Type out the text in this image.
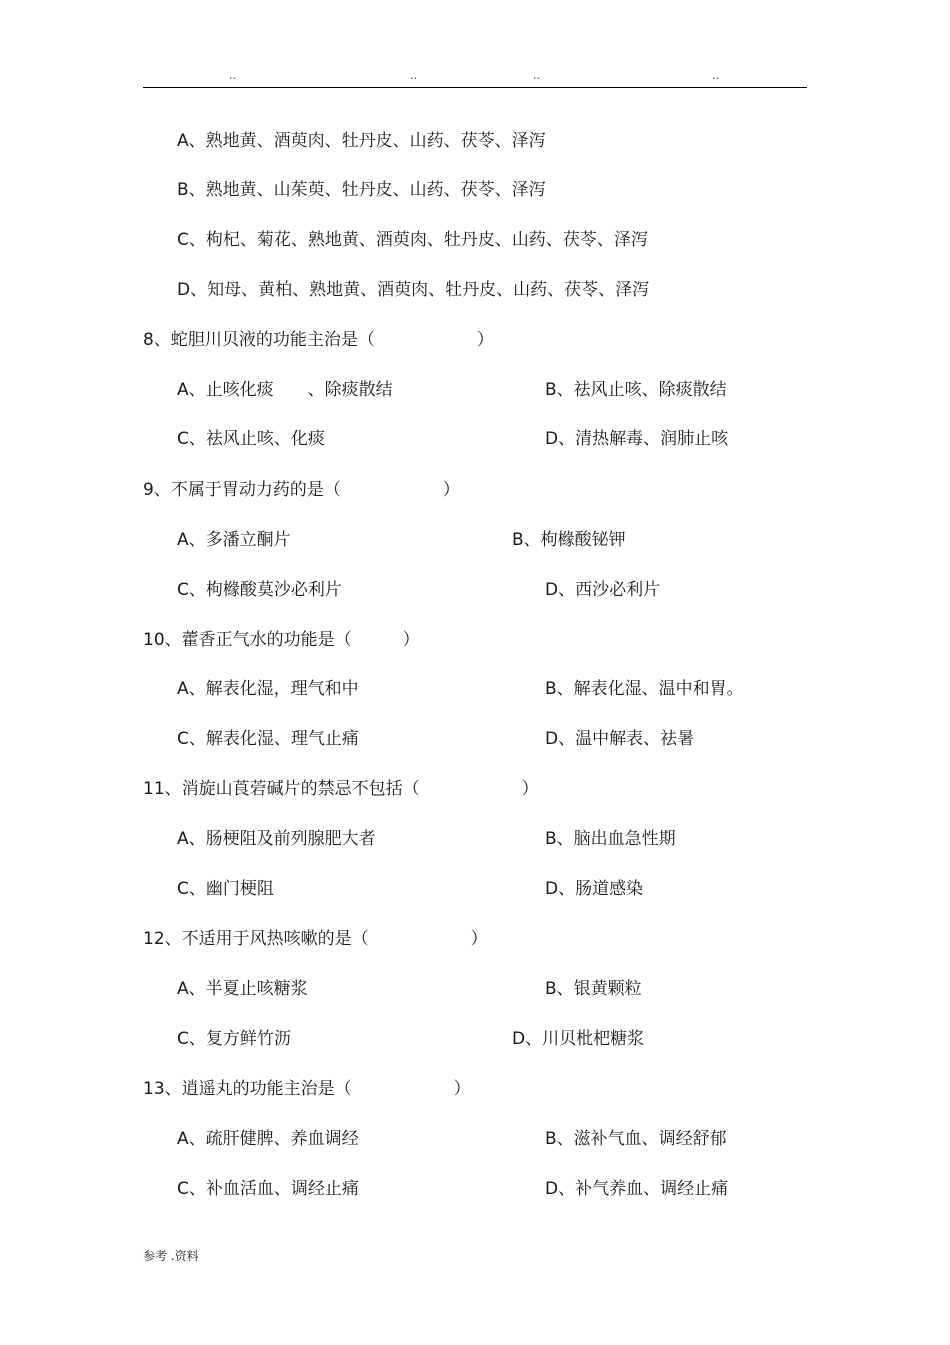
..	..	..	..
A、熟地黄、酒萸肉、牡丹皮、山药、茯苓、泽泻
B、熟地黄、山茱萸、牡丹皮、山药、茯苓、泽泻
C、枸杞、菊花、熟地黄、酒萸肉、牡丹皮、山药、茯苓、泽泻
D、知母、黄柏、熟地黄、酒萸肉、牡丹皮、山药、茯苓、泽泻
8、蛇胆川贝液的功能主治是（　　　　　　）
A、止咳化痰　　、除痰散结	B、祛风止咳、除痰散结
C、祛风止咳、化痰	D、清热解毒、润肺止咳
9、不属于胃动力药的是（　　　　　　）
A、多潘立酮片	B、枸橼酸铋钾
C、枸橼酸莫沙必利片	D、西沙必利片
10、藿香正气水的功能是（　　　）
A、解表化湿，理气和中	B、解表化湿、温中和胃。
C、解表化湿、理气止痛	D、温中解表、祛暑
11、消旋山莨菪碱片的禁忌不包括（　　　　　　）
A、肠梗阻及前列腺肥大者	B、脑出血急性期
C、幽门梗阻	D、肠道感染
12、不适用于风热咳嗽的是（　　　　　　）
A、半夏止咳糖浆	B、银黄颗粒
C、复方鲜竹沥	D、川贝枇杷糖浆
13、逍遥丸的功能主治是（　　　　　　）
A、疏肝健脾、养血调经	B、滋补气血、调经舒郁
C、补血活血、调经止痛	D、补气养血、调经止痛
参考 .资料
